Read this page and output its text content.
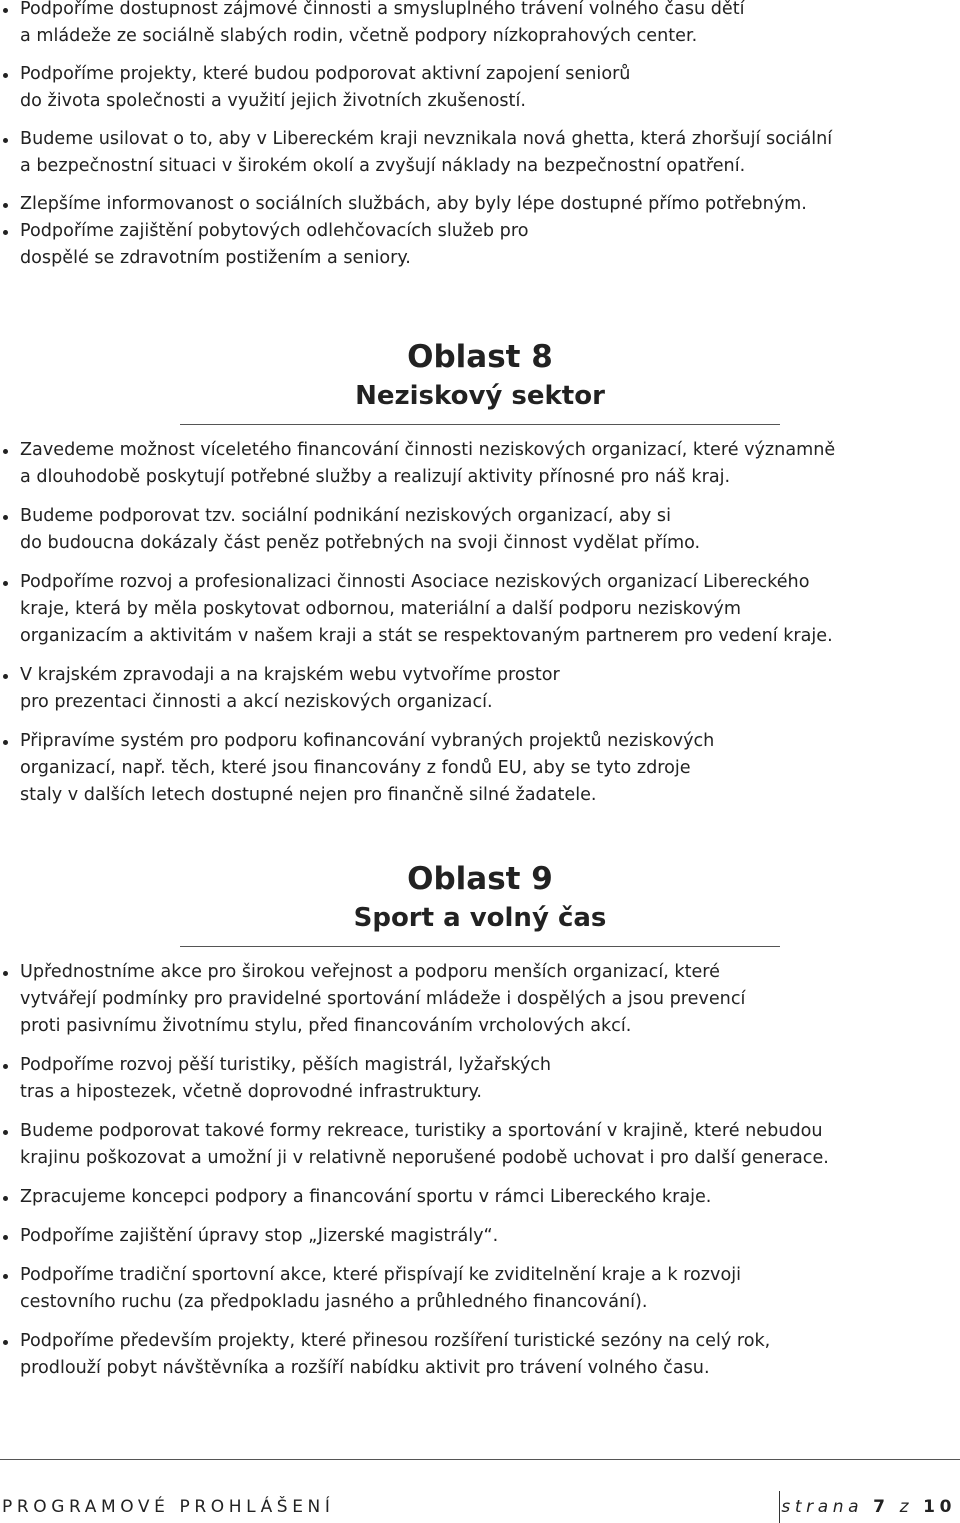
Podpoříme dostupnost zájmové činnosti a smysluplného trávení volného času dětí
a mládeže ze sociálně slabých rodin, včetně podpory nízkoprahových center.
Podpoříme projekty, které budou podporovat aktivní zapojení seniorů
do života společnosti a využití jejich životních zkušeností.
Budeme usilovat o to, aby v Libereckém kraji nevznikala nová ghetta, která zhoršují sociální
a bezpečnostní situaci v širokém okolí a zvyšují náklady na bezpečnostní opatření.
Zlepšíme informovanost o sociálních službách, aby byly lépe dostupné přímo potřebným.
Podpoříme zajištění pobytových odlehčovacích služeb pro
dospělé se zdravotním postižením a seniory.
Oblast 8
Neziskový sektor
Zavedeme možnost víceletého financování činnosti neziskových organizací, které významně
a dlouhodobě poskytují potřebné služby a realizují aktivity přínosné pro náš kraj.
Budeme podporovat tzv. sociální podnikání neziskových organizací, aby si
do budoucna dokázaly část peněz potřebných na svoji činnost vydělat přímo.
Podpoříme rozvoj a profesionalizaci činnosti Asociace neziskových organizací Libereckého
kraje, která by měla poskytovat odbornou, materiální a další podporu neziskovým
organizacím a aktivitám v našem kraji a stát se respektovaným partnerem pro vedení kraje.
V krajském zpravodaji a na krajském webu vytvoříme prostor
pro prezentaci činnosti a akcí neziskových organizací.
Připravíme systém pro podporu kofinancování vybraných projektů neziskových
organizací, např. těch, které jsou financovány z fondů EU, aby se tyto zdroje
staly v dalších letech dostupné nejen pro finančně silné žadatele.
Oblast 9
Sport a volný čas
Upřednostníme akce pro širokou veřejnost a podporu menších organizací, které
vytvářejí podmínky pro pravidelné sportování mládeže i dospělých a jsou prevencí
proti pasivnímu životnímu stylu, před financováním vrcholových akcí.
Podpoříme rozvoj pěší turistiky, pěších magistrál, lyžařských
tras a hipostezek, včetně doprovodné infrastruktury.
Budeme podporovat takové formy rekreace, turistiky a sportování v krajině, které nebudou
krajinu poškozovat a umožní ji v relativně neporušené podobě uchovat i pro další generace.
Zpracujeme koncepci podpory a financování sportu v rámci Libereckého kraje.
Podpoříme zajištění úpravy stop „Jizerské magistrály“.
Podpoříme tradiční sportovní akce, které přispívají ke zviditelnění kraje a k rozvoji
cestovního ruchu (za předpokladu jasného a průhledného financování).
Podpoříme především projekty, které přinesou rozšíření turistické sezóny na celý rok,
prodlouží pobyt návštěvníka a rozšíří nabídku aktivit pro trávení volného času.
PROGRAMOVÉ PROHLÁŠENÍ	strana 7 z 10
